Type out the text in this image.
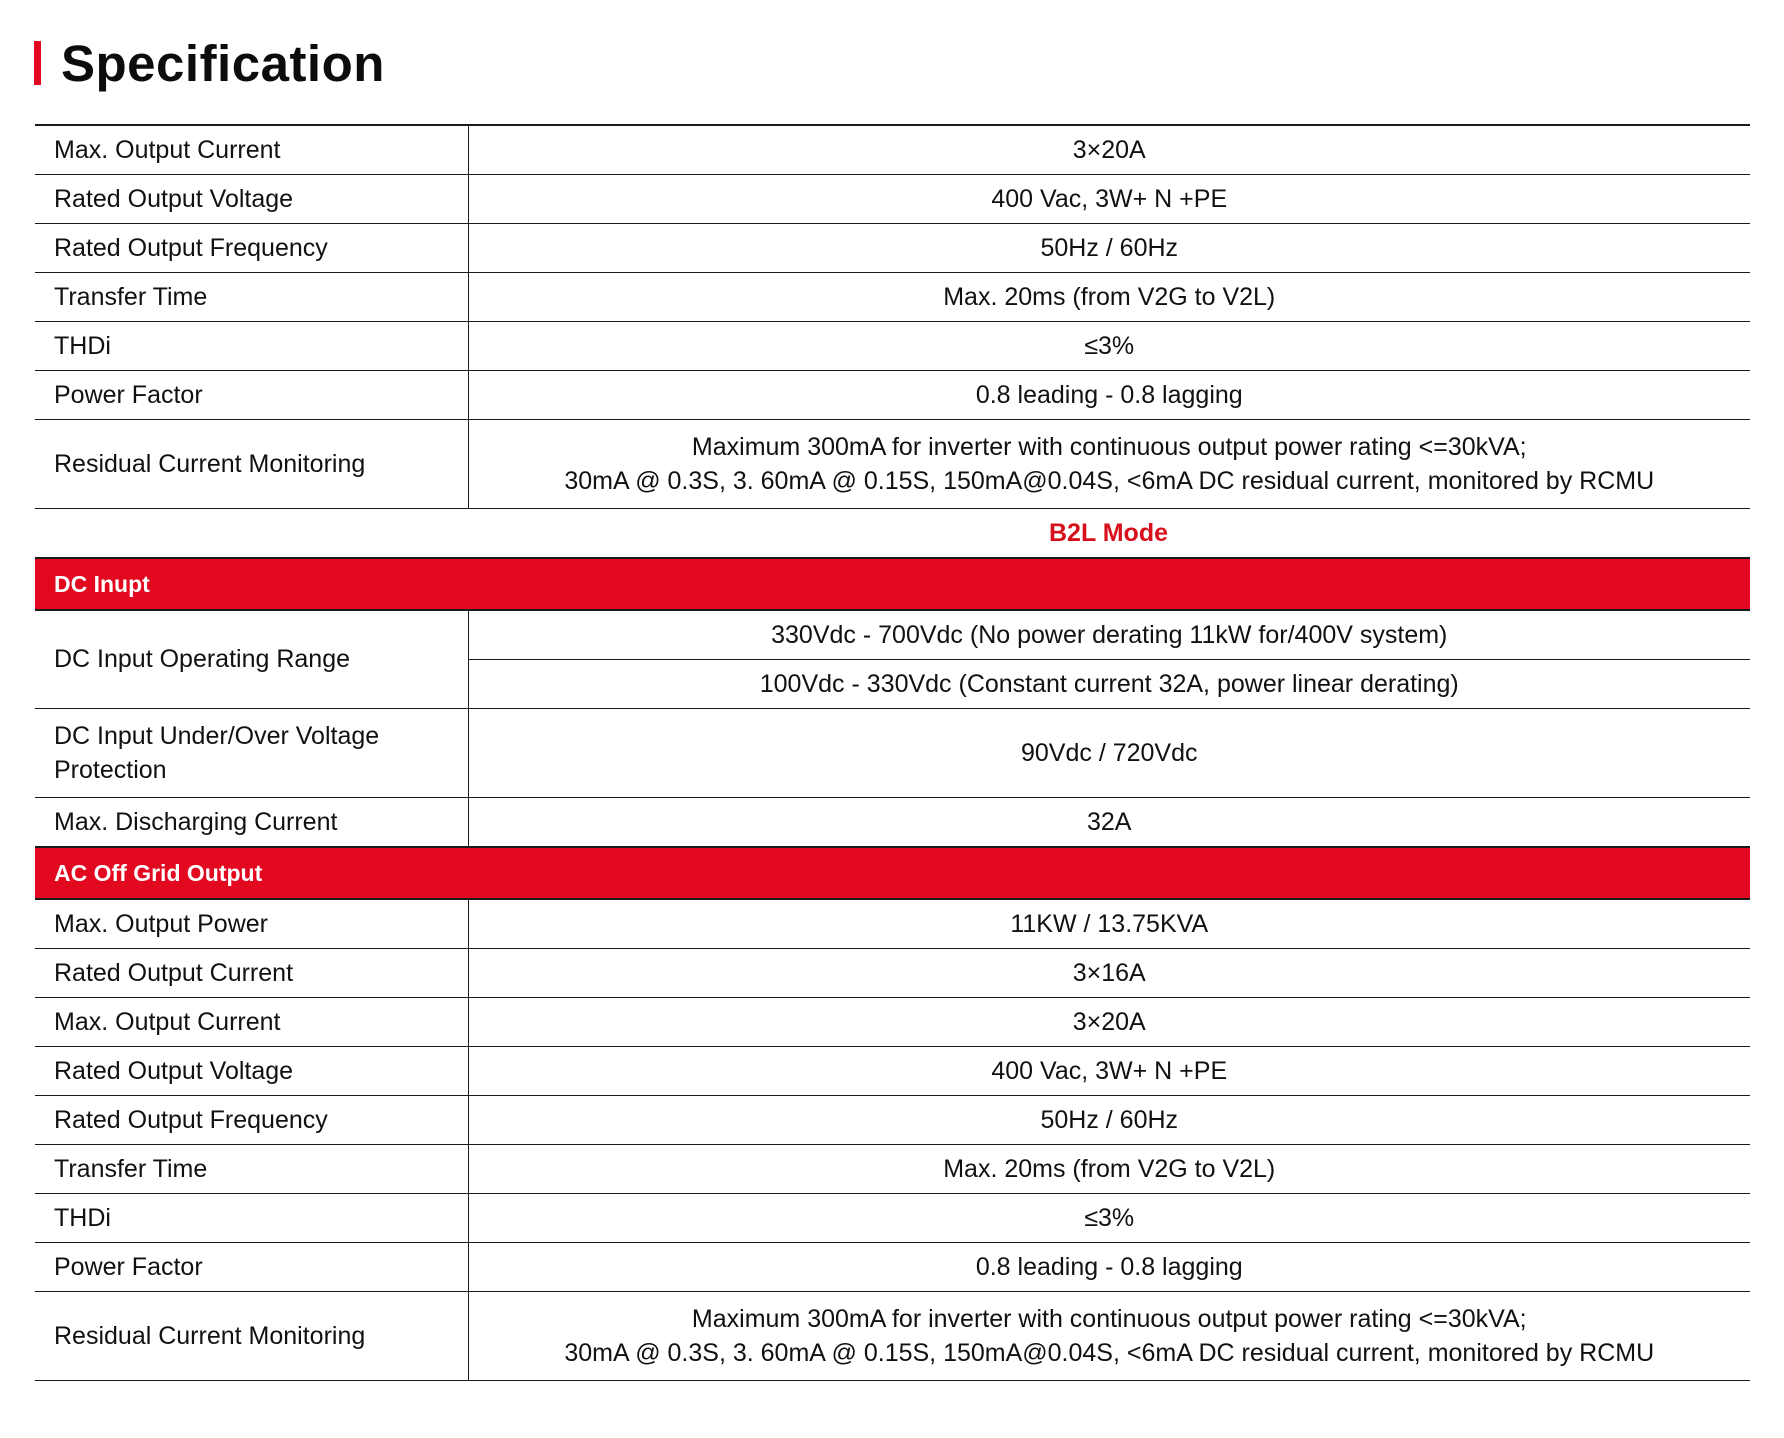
Specification
Max. Output Current	3×20A
Rated Output Voltage	400 Vac, 3W+ N +PE
Rated Output Frequency	50Hz / 60Hz
Transfer Time	Max. 20ms (from V2G to V2L)
THDi	≤3%
Power Factor	0.8 leading - 0.8 lagging
Residual Current Monitoring	Maximum 300mA for inverter with continuous output power rating <=30kVA;
30mA @ 0.3S, 3. 60mA @ 0.15S, 150mA@0.04S, <6mA DC residual current, monitored by RCMU

B2L Mode	
DC Inupt	
DC Input Operating Range	330Vdc - 700Vdc (No power derating 11kW for/400V system)
	100Vdc - 330Vdc (Constant current 32A, power linear derating)

DC Input Under/Over Voltage
Protection	90Vdc / 720Vdc
Max. Discharging Current	32A
AC Off Grid Output	
Max. Output Power	11KW / 13.75KVA
Rated Output Current	3×16A
Max. Output Current	3×20A
Rated Output Voltage	400 Vac, 3W+ N +PE
Rated Output Frequency	50Hz / 60Hz
Transfer Time	Max. 20ms (from V2G to V2L)
THDi	≤3%
Power Factor	0.8 leading - 0.8 lagging
Residual Current Monitoring	Maximum 300mA for inverter with continuous output power rating <=30kVA;
30mA @ 0.3S, 3. 60mA @ 0.15S, 150mA@0.04S, <6mA DC residual current, monitored by RCMU
